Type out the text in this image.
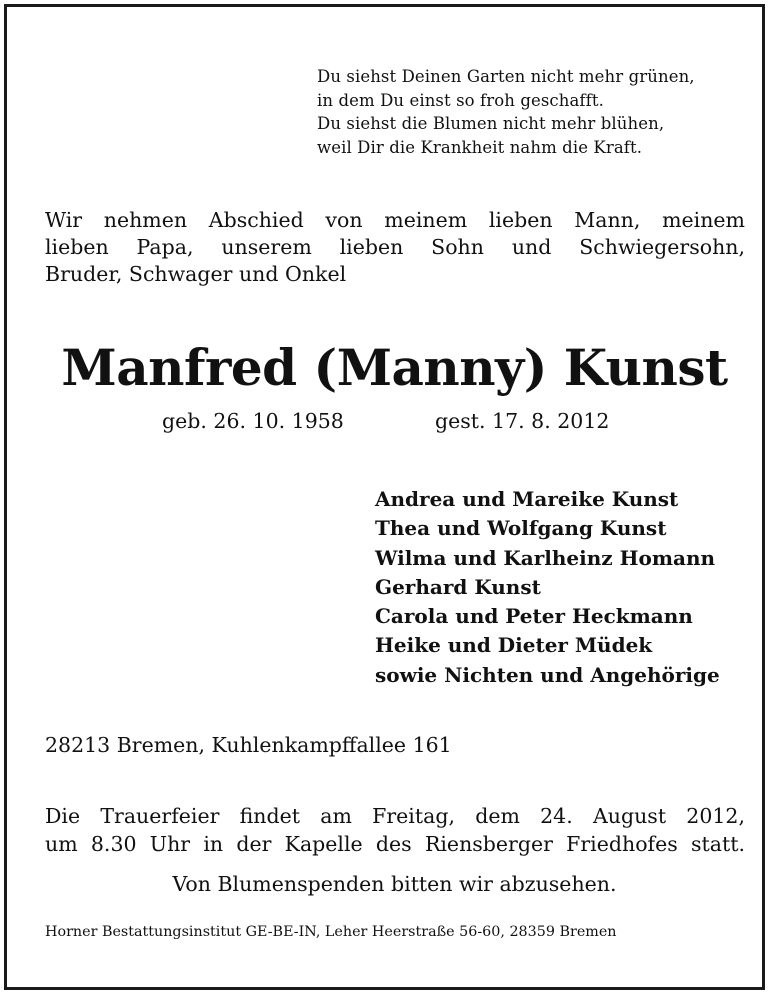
Du siehst Deinen Garten nicht mehr grünen,
in dem Du einst so froh geschafft.
Du siehst die Blumen nicht mehr blühen,
weil Dir die Krankheit nahm die Kraft.
Wir nehmen Abschied von meinem lieben Mann, meinem
lieben Papa, unserem lieben Sohn und Schwiegersohn,
Bruder, Schwager und Onkel
Manfred (Manny) Kunst
geb. 26. 10. 1958	gest. 17. 8. 2012
Andrea und Mareike Kunst
Thea und Wolfgang Kunst
Wilma und Karlheinz Homann
Gerhard Kunst
Carola und Peter Heckmann
Heike und Dieter Müdek
sowie Nichten und Angehörige
28213 Bremen, Kuhlenkampffallee 161
Die Trauerfeier findet am Freitag, dem 24. August 2012,
um 8.30 Uhr in der Kapelle des Riensberger Friedhofes statt.
Von Blumenspenden bitten wir abzusehen.
Horner Bestattungsinstitut GE-BE-IN, Leher Heerstraße 56-60, 28359 Bremen
